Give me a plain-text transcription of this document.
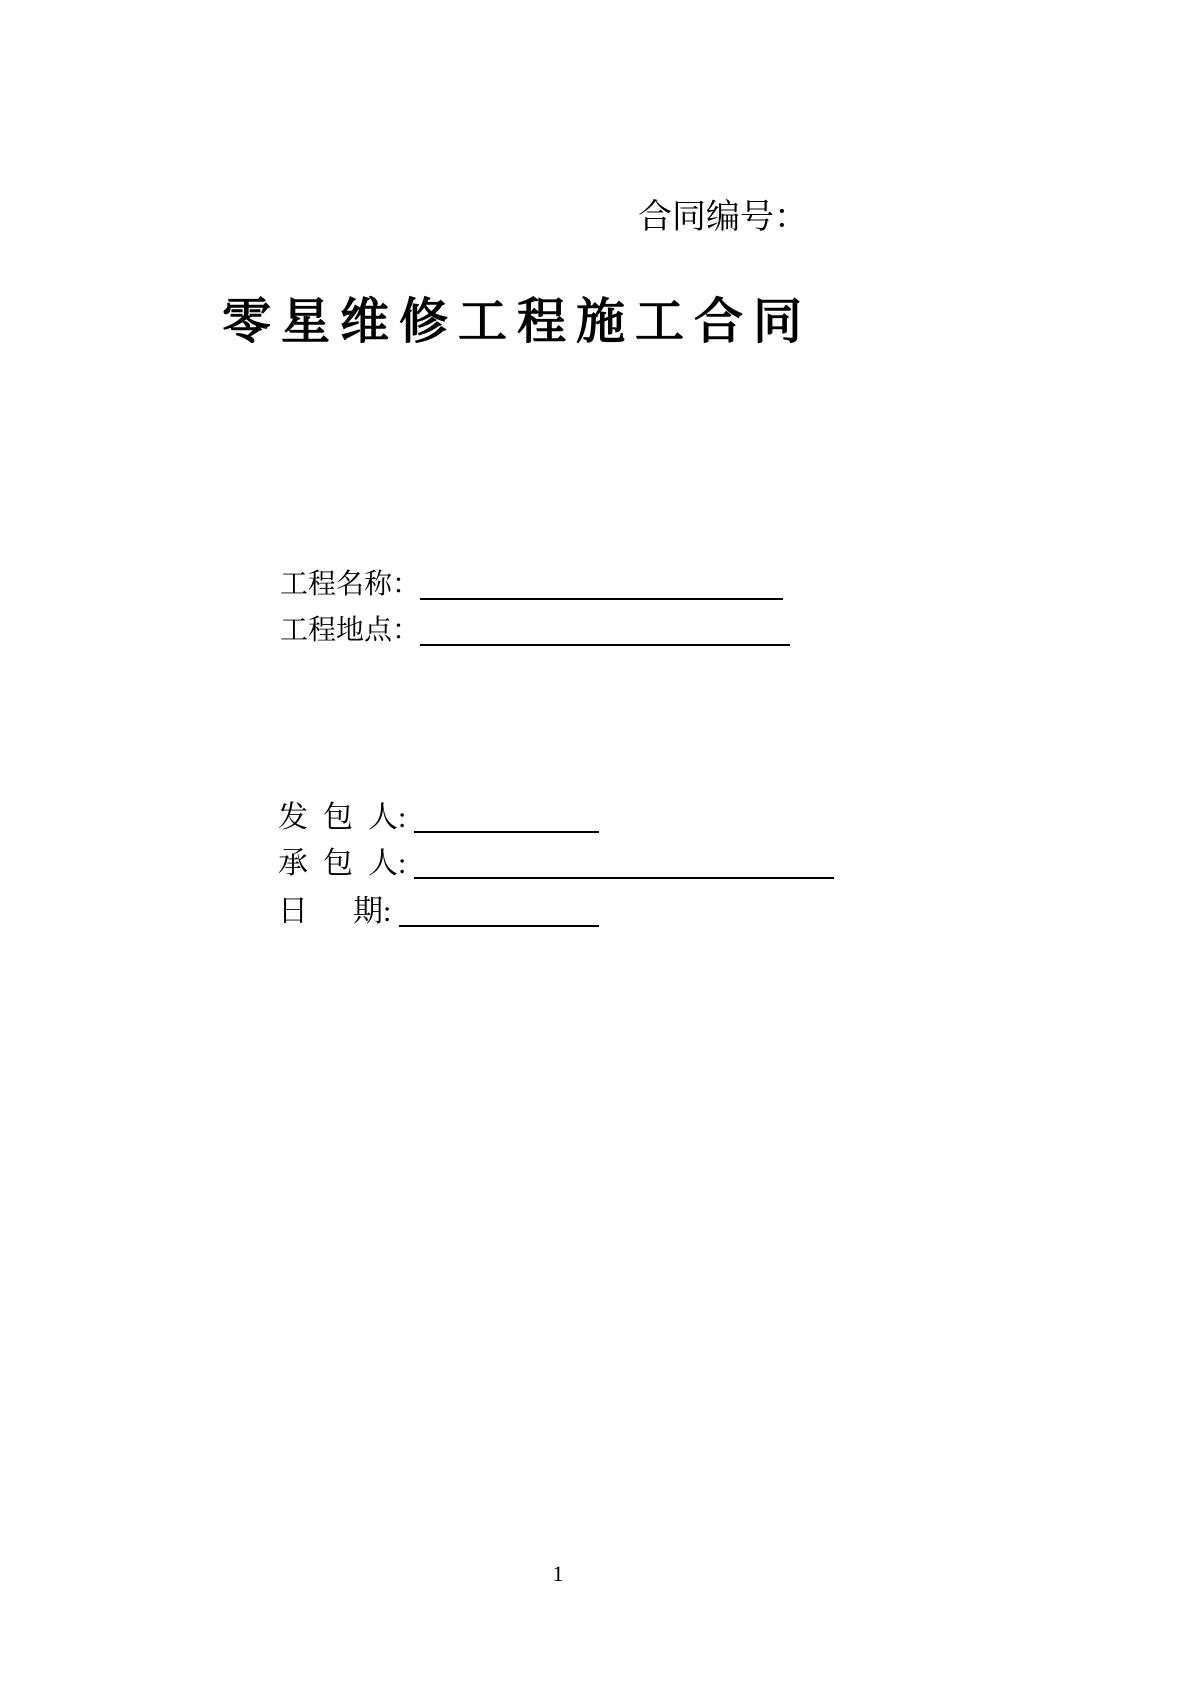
合同编号：
零星维修工程施工合同
工程名称：
工程地点：
发  包  人:
承  包  人:
日      期:
1
